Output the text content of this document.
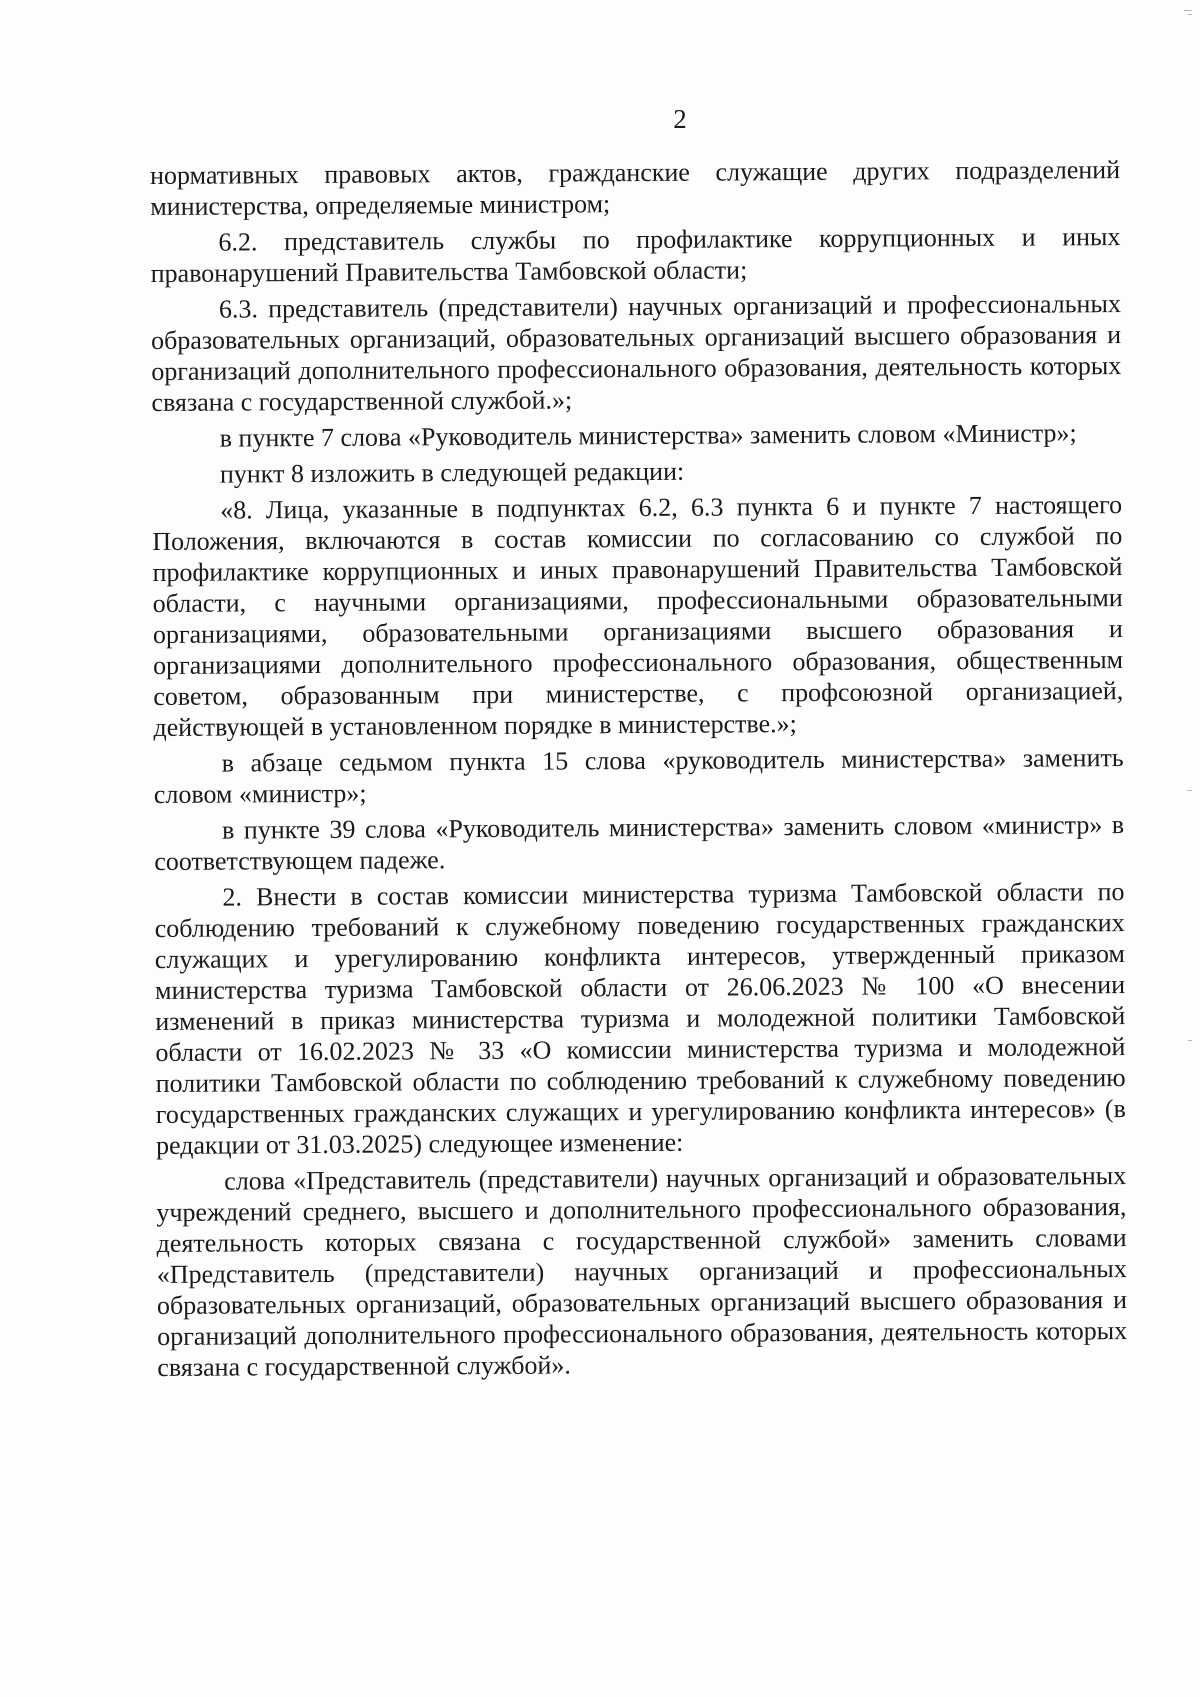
2

нормативных правовых актов, гражданские служащие других подразделений министерства, определяемые министром;

6.2. представитель службы по профилактике коррупционных и иных правонарушений Правительства Тамбовской области;

6.3. представитель (представители) научных организаций и профессиональных образовательных организаций, образовательных организаций высшего образования и организаций дополнительного профессионального образования, деятельность которых связана с государственной службой.»;

в пункте 7 слова «Руководитель министерства» заменить словом «Министр»;

пункт 8 изложить в следующей редакции:

«8. Лица, указанные в подпунктах 6.2, 6.3 пункта 6 и пункте 7 настоящего Положения, включаются в состав комиссии по согласованию со службой по профилактике коррупционных и иных правонарушений Правительства Тамбовской области, с научными организациями, профессиональными образовательными организациями, образовательными организациями высшего образования и организациями дополнительного профессионального образования, общественным советом, образованным при министерстве, с профсоюзной организацией, действующей в установленном порядке в министерстве.»;

в абзаце седьмом пункта 15 слова «руководитель министерства» заменить словом «министр»;

в пункте 39 слова «Руководитель министерства» заменить словом «министр» в соответствующем падеже.

2. Внести в состав комиссии министерства туризма Тамбовской области по соблюдению требований к служебному поведению государственных гражданских служащих и урегулированию конфликта интересов, утвержденный приказом министерства туризма Тамбовской области от 26.06.2023 № 100 «О внесении изменений в приказ министерства туризма и молодежной политики Тамбовской области от 16.02.2023 № 33 «О комиссии министерства туризма и молодежной политики Тамбовской области по соблюдению требований к служебному поведению государственных гражданских служащих и урегулированию конфликта интересов» (в редакции от 31.03.2025) следующее изменение:

слова «Представитель (представители) научных организаций и образовательных учреждений среднего, высшего и дополнительного профессионального образования, деятельность которых связана с государственной службой» заменить словами «Представитель (представители) научных организаций и профессиональных образовательных организаций, образовательных организаций высшего образования и организаций дополнительного профессионального образования, деятельность которых связана с государственной службой».
